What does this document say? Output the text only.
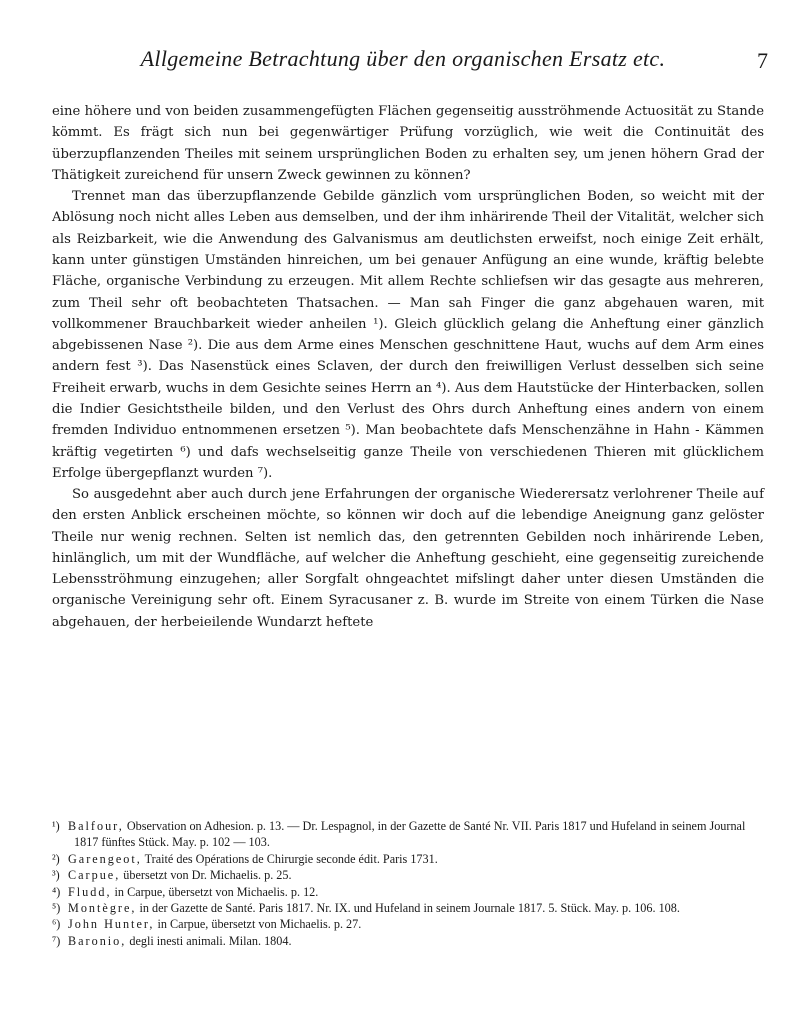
Allgemeine Betrachtung über den organischen Ersatz etc.	7

eine höhere und von beiden zusammengefügten Flächen gegenseitig ausströhmende Actuosität zu Stande kömmt. Es frägt sich nun bei gegenwärtiger Prüfung vorzüglich, wie weit die Continuität des überzupflanzenden Theiles mit seinem ursprünglichen Boden zu erhalten sey, um jenen höhern Grad der Thätigkeit zureichend für unsern Zweck gewinnen zu können?

Trennet man das überzupflanzende Gebilde gänzlich vom ursprünglichen Boden, so weicht mit der Ablösung noch nicht alles Leben aus demselben, und der ihm inhärirende Theil der Vitalität, welcher sich als Reizbarkeit, wie die Anwendung des Galvanismus am deutlichsten erweifst, noch einige Zeit erhält, kann unter günstigen Umständen hinreichen, um bei genauer Anfügung an eine wunde, kräftig belebte Fläche, organische Verbindung zu erzeugen. Mit allem Rechte schliefsen wir das gesagte aus mehreren, zum Theil sehr oft beobachteten Thatsachen. — Man sah Finger die ganz abgehauen waren, mit vollkommener Brauchbarkeit wieder anheilen ¹). Gleich glücklich gelang die Anheftung einer gänzlich abgebissenen Nase ²). Die aus dem Arme eines Menschen geschnittene Haut, wuchs auf dem Arm eines andern fest ³). Das Nasenstück eines Sclaven, der durch den freiwilligen Verlust desselben sich seine Freiheit erwarb, wuchs in dem Gesichte seines Herrn an ⁴). Aus dem Hautstücke der Hinterbacken, sollen die Indier Gesichtstheile bilden, und den Verlust des Ohrs durch Anheftung eines andern von einem fremden Individuo entnommenen ersetzen ⁵). Man beobachtete dafs Menschenzähne in Hahn - Kämmen kräftig vegetirten ⁶) und dafs wechselseitig ganze Theile von verschiedenen Thieren mit glücklichem Erfolge übergepflanzt wurden ⁷).

So ausgedehnt aber auch durch jene Erfahrungen der organische Wiederersatz verlohrener Theile auf den ersten Anblick erscheinen möchte, so können wir doch auf die lebendige Aneignung ganz gelöster Theile nur wenig rechnen. Selten ist nemlich das, den getrennten Gebilden noch inhärirende Leben, hinlänglich, um mit der Wundfläche, auf welcher die Anheftung geschieht, eine gegenseitig zureichende Lebensströhmung einzugehen; aller Sorgfalt ohngeachtet mifslingt daher unter diesen Umständen die organische Vereinigung sehr oft. Einem Syracusaner z. B. wurde im Streite von einem Türken die Nase abgehauen, der herbeieilende Wundarzt heftete

¹) Balfour, Observation on Adhesion. p. 13. — Dr. Lespagnol, in der Gazette de Santé Nr. VII. Paris 1817 und Hufeland in seinem Journal 1817 fünftes Stück. May. p. 102 — 103.

²) Garengeot, Traité des Opérations de Chirurgie seconde édit. Paris 1731.

³) Carpue, übersetzt von Dr. Michaelis. p. 25.

⁴) Fludd, in Carpue, übersetzt von Michaelis. p. 12.

⁵) Montègre, in der Gazette de Santé. Paris 1817. Nr. IX. und Hufeland in seinem Journale 1817. 5. Stück. May. p. 106. 108.

⁶) John Hunter, in Carpue, übersetzt von Michaelis. p. 27.

⁷) Baronio, degli inesti animali. Milan. 1804.
